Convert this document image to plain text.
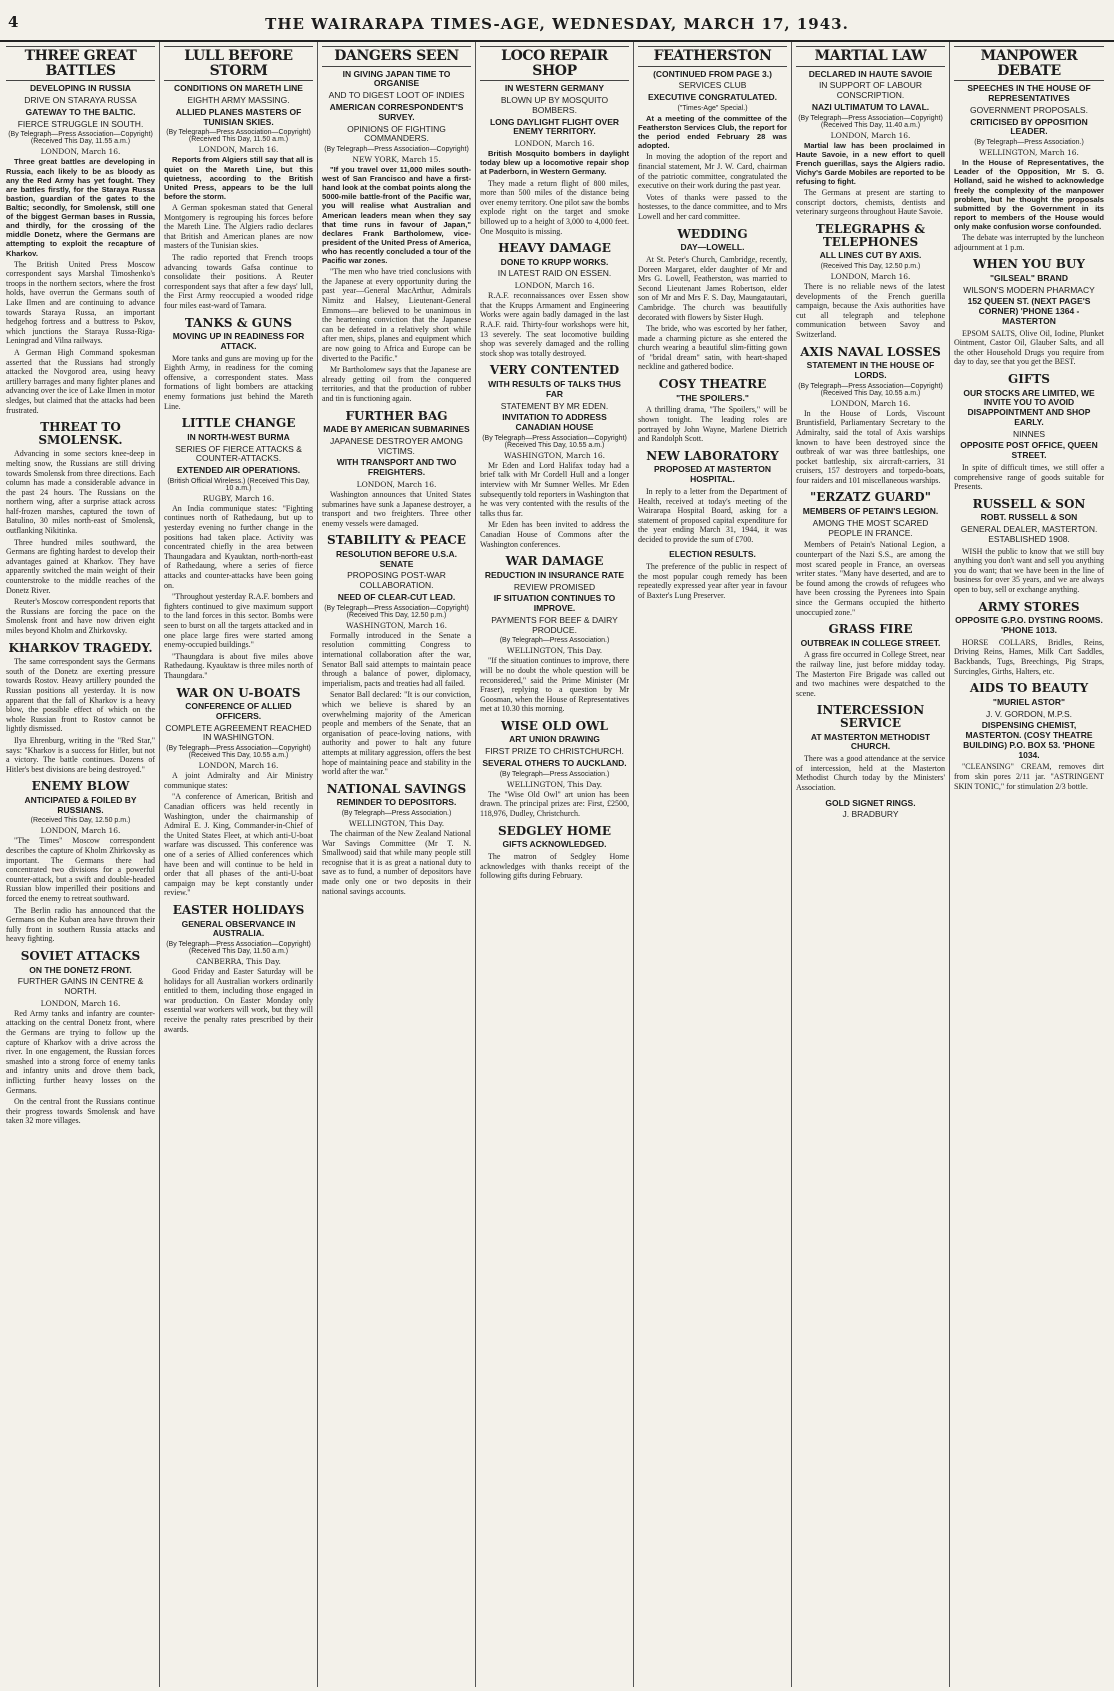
4	THE WAIRARAPA TIMES-AGE, WEDNESDAY, MARCH 17, 1943.
THREE GREAT BATTLES
DEVELOPING IN RUSSIA
DRIVE ON STARAYA RUSSA
GATEWAY TO THE BALTIC.
FIERCE STRUGGLE IN SOUTH.
(By Telegraph—Press Association—Copyright) (Received This Day, 11.55 a.m.)
LONDON, March 16.

Three great battles are developing in Russia, each likely to be as bloody as any the Red Army has yet fought. They are battles firstly, for the Staraya Russa bastion, guardian of the gates to the Baltic; secondly, for Smolensk, still one of the biggest German bases in Russia, and thirdly, for the crossing of the middle Donetz, where the Germans are attempting to exploit the recapture of Kharkov.

The British United Press Moscow correspondent says Marshal Timoshenko's troops in the northern sectors, where the frost holds, have overrun the Germans south of Lake Ilmen and are continuing to advance towards Staraya Russa, an important hedgehog fortress and a buttress to Pskov, which junctions the Staraya Russa-Riga-Leningrad and Vilna railways.

A German High Command spokesman asserted that the Russians had strongly attacked the Novgorod area, using heavy artillery barrages and many fighter planes and advancing over the ice of Lake Ilmen in motor sledges, but claimed that the attacks had been frustrated.

THREAT TO SMOLENSK.

Advancing in some sectors knee-deep in melting snow, the Russians are still driving towards Smolensk from three directions. Each column has made a considerable advance in the past 24 hours. The Russians on the northern wing, after a surprise attack across half-frozen marshes, captured the town of Batulino, 30 miles north-east of Smolensk, outflanking Nikitinka.

Three hundred miles southward, the Germans are fighting hardest to develop their advantages gained at Kharkov. They have apparently switched the main weight of their counterstroke to the middle reaches of the Donetz River.

Reuter's Moscow correspondent reports that the Russians are forcing the pace on the Smolensk front and have now driven eight miles beyond Kholm and Zhirkovsky.

KHARKOV TRAGEDY.

The same correspondent says the Germans south of the Donetz are exerting pressure towards Rostov. Heavy artillery pounded the Russian positions all yesterday. It is now apparent that the fall of Kharkov is a heavy blow, the possible effect of which on the whole Russian front to Rostov cannot be lightly dismissed.

Ilya Ehrenburg, writing in the "Red Star," says: "Kharkov is a success for Hitler, but not a victory. The battle continues. Dozens of Hitler's best divisions are being destroyed."

ENEMY BLOW
ANTICIPATED & FOILED BY RUSSIANS.
(Received This Day, 12.50 p.m.)
LONDON, March 16.

"The Times" Moscow correspondent describes the capture of Kholm Zhirkovsky as important. The Germans there had concentrated two divisions for a powerful counter-attack, but a swift and double-headed Russian blow imperilled their positions and forced the enemy to retreat southward.

The Berlin radio has announced that the Germans on the Kuban area have thrown their fully front in southern Russia attacks and heavy fighting.

SOVIET ATTACKS
ON THE DONETZ FRONT.
FURTHER GAINS IN CENTRE & NORTH.
LONDON, March 16.

Red Army tanks and infantry are counter-attacking on the central Donetz front, where the Germans are trying to follow up the capture of Kharkov with a drive across the river. In one engagement, the Russian forces smashed into a strong force of enemy tanks and infantry units and drove them back, inflicting further heavy losses on the Germans.

On the central front the Russians continue their progress towards Smolensk and have taken 32 more villages.

LULL BEFORE STORM
CONDITIONS ON MARETH LINE
EIGHTH ARMY MASSING.
ALLIED PLANES MASTERS OF TUNISIAN SKIES.
(By Telegraph—Press Association—Copyright) (Received This Day, 11.50 a.m.)
LONDON, March 16.

Reports from Algiers still say that all is quiet on the Mareth Line, but this quietness, according to the British United Press, appears to be the lull before the storm.

A German spokesman stated that General Montgomery is regrouping his forces before the Mareth Line. The Algiers radio declares that British and American planes are now masters of the Tunisian skies.

The radio reported that French troops advancing towards Gafsa continue to consolidate their positions. A Reuter correspondent says that after a few days' lull, the First Army reoccupied a wooded ridge four miles east-ward of Tamara.

TANKS & GUNS
MOVING UP IN READINESS FOR ATTACK.

More tanks and guns are moving up for the Eighth Army, in readiness for the coming offensive, a correspondent states. Mass formations of light bombers are attacking enemy formations just behind the Mareth Line.

LITTLE CHANGE
IN NORTH-WEST BURMA
SERIES OF FIERCE ATTACKS & COUNTER-ATTACKS.
EXTENDED AIR OPERATIONS.
(British Official Wireless.) (Received This Day, 10 a.m.)
RUGBY, March 16.

An India communique states: "Fighting continues north of Rathedaung, but up to yesterday evening no further change in the positions had taken place. Activity was concentrated chiefly in the area between Thaungadara and Kyauktan, north-north-east of Rathedaung, where a series of fierce attacks and counter-attacks have been going on.

"Throughout yesterday R.A.F. bombers and fighters continued to give maximum support to the land forces in this sector. Bombs were seen to burst on all the targets attacked and in one place large fires were started among enemy-occupied buildings."

"Thaungdara is about five miles above Rathedaung. Kyauktaw is three miles north of Thaungdara."

WAR ON U-BOATS
CONFERENCE OF ALLIED OFFICERS.
COMPLETE AGREEMENT REACHED IN WASHINGTON.
(By Telegraph—Press Association—Copyright) (Received This Day, 10.55 a.m.)
LONDON, March 16.

A joint Admiralty and Air Ministry communique states:

"A conference of American, British and Canadian officers was held recently in Washington, under the chairmanship of Admiral E. J. King, Commander-in-Chief of the United States Fleet, at which anti-U-boat warfare was discussed. This conference was one of a series of Allied conferences which have been and will continue to be held in order that all phases of the anti-U-boat campaign may be kept constantly under review."

EASTER HOLIDAYS
GENERAL OBSERVANCE IN AUSTRALIA.
(By Telegraph—Press Association—Copyright) (Received This Day, 11.50 a.m.)
CANBERRA, This Day.

Good Friday and Easter Saturday will be holidays for all Australian workers ordinarily entitled to them, including those engaged in war production. On Easter Monday only essential war workers will work, but they will receive the penalty rates prescribed by their awards.

DANGERS SEEN
IN GIVING JAPAN TIME TO ORGANISE
AND TO DIGEST LOOT OF INDIES
AMERICAN CORRESPONDENT'S SURVEY.
OPINIONS OF FIGHTING COMMANDERS.
(By Telegraph—Press Association—Copyright)
NEW YORK, March 15.

"If you travel over 11,000 miles south-west of San Francisco and have a first-hand look at the combat points along the 5000-mile battle-front of the Pacific war, you will realise what Australian and American leaders mean when they say that time runs in favour of Japan," declares Frank Bartholomew, vice-president of the United Press of America, who has recently concluded a tour of the Pacific war zones.

"The men who have tried conclusions with the Japanese at every opportunity during the past year—General MacArthur, Admirals Nimitz and Halsey, Lieutenant-General Emmons—are believed to be unanimous in the heartening conviction that the Japanese can be defeated in a relatively short while after men, ships, planes and equipment which are now going to Africa and Europe can be diverted to the Pacific."

Mr Bartholomew says that the Japanese are already getting oil from the conquered territories, and that the production of rubber and tin is functioning again.

FURTHER BAG
MADE BY AMERICAN SUBMARINES
JAPANESE DESTROYER AMONG VICTIMS.
WITH TRANSPORT AND TWO FREIGHTERS.
LONDON, March 16.

Washington announces that United States submarines have sunk a Japanese destroyer, a transport and two freighters. Three other enemy vessels were damaged.

STABILITY & PEACE
RESOLUTION BEFORE U.S.A. SENATE
PROPOSING POST-WAR COLLABORATION.
NEED OF CLEAR-CUT LEAD.
(By Telegraph—Press Association—Copyright) (Received This Day, 12.50 p.m.)
WASHINGTON, March 16.

Formally introduced in the Senate a resolution committing Congress to international collaboration after the war, Senator Ball said attempts to maintain peace through a balance of power, diplomacy, imperialism, pacts and treaties had all failed.

Senator Ball declared: "It is our conviction, which we believe is shared by an overwhelming majority of the American people and members of the Senate, that an organisation of peace-loving nations, with authority and power to halt any future attempts at military aggression, offers the best hope of maintaining peace and stability in the world after the war."

NATIONAL SAVINGS
REMINDER TO DEPOSITORS.
(By Telegraph—Press Association.)
WELLINGTON, This Day.

The chairman of the New Zealand National War Savings Committee (Mr T. N. Smallwood) said that while many people still recognise that it is as great a national duty to save as to fund, a number of depositors have made only one or two deposits in their national savings accounts.

LOCO REPAIR SHOP
IN WESTERN GERMANY
BLOWN UP BY MOSQUITO BOMBERS.
LONG DAYLIGHT FLIGHT OVER ENEMY TERRITORY.
LONDON, March 16.

British Mosquito bombers in daylight today blew up a locomotive repair shop at Paderborn, in Western Germany.

They made a return flight of 800 miles, more than 500 miles of the distance being over enemy territory. One pilot saw the bombs explode right on the target and smoke billowed up to a height of 3,000 to 4,000 feet. One Mosquito is missing.

HEAVY DAMAGE
DONE TO KRUPP WORKS.
IN LATEST RAID ON ESSEN.
LONDON, March 16.

R.A.F. reconnaissances over Essen show that the Krupps Armament and Engineering Works were again badly damaged in the last R.A.F. raid. Thirty-four workshops were hit, 13 severely. The seat locomotive building shop was severely damaged and the rolling stock shop was totally destroyed.

VERY CONTENTED
WITH RESULTS OF TALKS THUS FAR
STATEMENT BY MR EDEN.
INVITATION TO ADDRESS CANADIAN HOUSE
(By Telegraph—Press Association—Copyright) (Received This Day, 10.55 a.m.)
WASHINGTON, March 16.

Mr Eden and Lord Halifax today had a brief talk with Mr Cordell Hull and a longer interview with Mr Sumner Welles. Mr Eden subsequently told reporters in Washington that he was very contented with the results of the talks thus far.

Mr Eden has been invited to address the Canadian House of Commons after the Washington conferences.

WAR DAMAGE
REDUCTION IN INSURANCE RATE
REVIEW PROMISED
IF SITUATION CONTINUES TO IMPROVE.
PAYMENTS FOR BEEF & DAIRY PRODUCE.
(By Telegraph—Press Association.)
WELLINGTON, This Day.

"If the situation continues to improve, there will be no doubt the whole question will be reconsidered," said the Prime Minister (Mr Fraser), replying to a question by Mr Goosman, when the House of Representatives met at 10.30 this morning.

WISE OLD OWL
ART UNION DRAWING
FIRST PRIZE TO CHRISTCHURCH.
SEVERAL OTHERS TO AUCKLAND.
(By Telegraph—Press Association.)
WELLINGTON, This Day.

The "Wise Old Owl" art union has been drawn. The principal prizes are: First, £2500, 118,976, Dudley, Christchurch.

SEDGLEY HOME
GIFTS ACKNOWLEDGED.

The matron of Sedgley Home acknowledges with thanks receipt of the following gifts during February.

FEATHERSTON
(CONTINUED FROM PAGE 3.)
SERVICES CLUB
EXECUTIVE CONGRATULATED.
("Times-Age" Special.)

At a meeting of the committee of the Featherston Services Club, the report for the period ended February 28 was adopted.

In moving the adoption of the report and financial statement, Mr J. W. Card, chairman of the patriotic committee, congratulated the executive on their work during the past year.

Votes of thanks were passed to the hostesses, to the dance committee, and to Mrs Lowell and her card committee.

WEDDING
DAY—LOWELL.

At St. Peter's Church, Cambridge, recently, Doreen Margaret, elder daughter of Mr and Mrs G. Lowell, Featherston, was married to Second Lieutenant James Robertson, elder son of Mr and Mrs F. S. Day, Maungatautari, Cambridge. The church was beautifully decorated with flowers by Sister Hugh.

The bride, who was escorted by her father, made a charming picture as she entered the church wearing a beautiful slim-fitting gown of "bridal dream" satin, with heart-shaped neckline and gathered bodice.

COSY THEATRE
"THE SPOILERS."

A thrilling drama, "The Spoilers," will be shown tonight. The leading roles are portrayed by John Wayne, Marlene Dietrich and Randolph Scott.

NEW LABORATORY
PROPOSED AT MASTERTON HOSPITAL.

In reply to a letter from the Department of Health, received at today's meeting of the Wairarapa Hospital Board, asking for a statement of proposed capital expenditure for the year ending March 31, 1944, it was decided to provide the sum of £700.

ELECTION RESULTS.

The preference of the public in respect of the most popular cough remedy has been repeatedly expressed year after year in favour of Baxter's Lung Preserver.

MARTIAL LAW
DECLARED IN HAUTE SAVOIE
IN SUPPORT OF LABOUR CONSCRIPTION.
NAZI ULTIMATUM TO LAVAL.
(By Telegraph—Press Association—Copyright) (Received This Day, 11.40 a.m.)
LONDON, March 16.

Martial law has been proclaimed in Haute Savoie, in a new effort to quell French guerillas, says the Algiers radio. Vichy's Garde Mobiles are reported to be refusing to fight.

The Germans at present are starting to conscript doctors, chemists, dentists and veterinary surgeons throughout Haute Savoie.

TELEGRAPHS & TELEPHONES
ALL LINES CUT BY AXIS.
(Received This Day, 12.50 p.m.)
LONDON, March 16.

There is no reliable news of the latest developments of the French guerilla campaign, because the Axis authorities have cut all telegraph and telephone communication between Savoy and Switzerland.

AXIS NAVAL LOSSES
STATEMENT IN THE HOUSE OF LORDS.
(By Telegraph—Press Association—Copyright) (Received This Day, 10.55 a.m.)
LONDON, March 16.

In the House of Lords, Viscount Bruntisfield, Parliamentary Secretary to the Admiralty, said the total of Axis warships known to have been destroyed since the outbreak of war was three battleships, one pocket battleship, six aircraft-carriers, 31 cruisers, 157 destroyers and torpedo-boats, four raiders and 101 miscellaneous warships.

"ERZATZ GUARD"
MEMBERS OF PETAIN'S LEGION.
AMONG THE MOST SCARED PEOPLE IN FRANCE.

Members of Petain's National Legion, a counterpart of the Nazi S.S., are among the most scared people in France, an overseas writer states. "Many have deserted, and are to be found among the crowds of refugees who have been crossing the Pyrenees into Spain since the Germans occupied the hitherto unoccupied zone."

GRASS FIRE
OUTBREAK IN COLLEGE STREET.

A grass fire occurred in College Street, near the railway line, just before midday today. The Masterton Fire Brigade was called out and two machines were despatched to the scene.

INTERCESSION SERVICE
AT MASTERTON METHODIST CHURCH.

There was a good attendance at the service of intercession, held at the Masterton Methodist Church today by the Ministers' Association.

GOLD SIGNET RINGS.
J. BRADBURY
MANPOWER DEBATE
SPEECHES IN THE HOUSE OF REPRESENTATIVES
GOVERNMENT PROPOSALS.
CRITICISED BY OPPOSITION LEADER.
(By Telegraph—Press Association.)
WELLINGTON, March 16.

In the House of Representatives, the Leader of the Opposition, Mr S. G. Holland, said he wished to acknowledge freely the complexity of the manpower problem, but he thought the proposals submitted by the Government in its report to members of the House would only make confusion worse confounded.

The debate was interrupted by the luncheon adjournment at 1 p.m.

WHEN YOU BUY
"GILSEAL" BRAND
WILSON'S MODERN PHARMACY
152 QUEEN ST. (NEXT PAGE'S CORNER) 'PHONE 1364 - MASTERTON

EPSOM SALTS, Olive Oil, Iodine, Plunket Ointment, Castor Oil, Glauber Salts, and all the other Household Drugs you require from day to day, see that you get the BEST.

GIFTS
OUR STOCKS ARE LIMITED, WE INVITE YOU TO AVOID DISAPPOINTMENT AND SHOP EARLY.
NINNES
OPPOSITE POST OFFICE, QUEEN STREET.

In spite of difficult times, we still offer a comprehensive range of goods suitable for Presents.

RUSSELL & SON
ROBT. RUSSELL & SON
GENERAL DEALER, MASTERTON. ESTABLISHED 1908.

WISH the public to know that we still buy anything you don't want and sell you anything you do want; that we have been in the line of business for over 35 years, and we are always open to buy, sell or exchange anything.

ARMY STORES
OPPOSITE G.P.O. DYSTING ROOMS. 'PHONE 1013.

HORSE COLLARS, Bridles, Reins, Driving Reins, Hames, Milk Cart Saddles, Backbands, Tugs, Breechings, Pig Straps, Surcingles, Girths, Halters, etc.

AIDS TO BEAUTY
"MURIEL ASTOR"
J. V. GORDON, M.P.S.
DISPENSING CHEMIST, MASTERTON. (COSY THEATRE BUILDING) P.O. BOX 53. 'PHONE 1034.

"CLEANSING" CREAM, removes dirt from skin pores 2/11 jar. "ASTRINGENT SKIN TONIC," for stimulation 2/3 bottle.
